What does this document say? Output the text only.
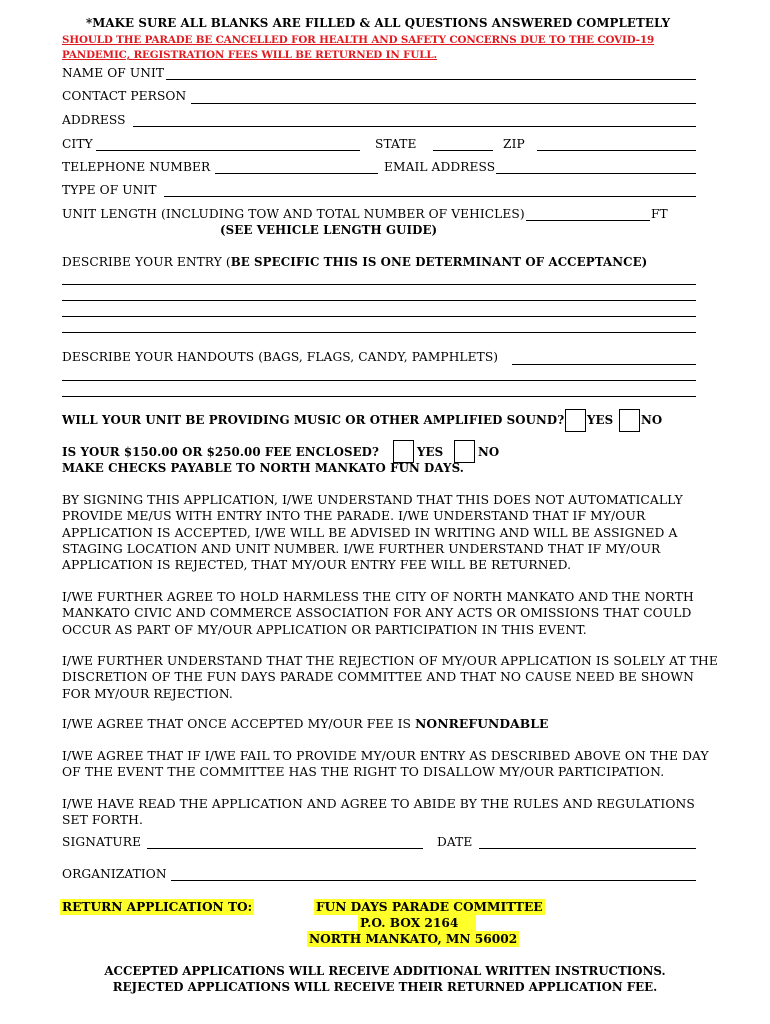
*MAKE SURE ALL BLANKS ARE FILLED & ALL QUESTIONS ANSWERED COMPLETELY
SHOULD THE PARADE BE CANCELLED FOR HEALTH AND SAFETY CONCERNS DUE TO THE COVID-19
PANDEMIC, REGISTRATION FEES WILL BE RETURNED IN FULL.
NAME OF UNIT
CONTACT PERSON
ADDRESS
CITY	STATE	ZIP
TELEPHONE NUMBER	EMAIL ADDRESS
TYPE OF UNIT
UNIT LENGTH (INCLUDING TOW AND TOTAL NUMBER OF VEHICLES)	FT
(SEE VEHICLE LENGTH GUIDE)
DESCRIBE YOUR ENTRY (BE SPECIFIC THIS IS ONE DETERMINANT OF ACCEPTANCE)
DESCRIBE YOUR HANDOUTS (BAGS, FLAGS, CANDY, PAMPHLETS)
WILL YOUR UNIT BE PROVIDING MUSIC OR OTHER AMPLIFIED SOUND? YES NO
IS YOUR $150.00 OR $250.00 FEE ENCLOSED?	YES	NO
MAKE CHECKS PAYABLE TO NORTH MANKATO FUN DAYS.
BY SIGNING THIS APPLICATION, I/WE UNDERSTAND THAT THIS DOES NOT AUTOMATICALLY PROVIDE ME/US WITH ENTRY INTO THE PARADE. I/WE UNDERSTAND THAT IF MY/OUR APPLICATION IS ACCEPTED, I/WE WILL BE ADVISED IN WRITING AND WILL BE ASSIGNED A STAGING LOCATION AND UNIT NUMBER. I/WE FURTHER UNDERSTAND THAT IF MY/OUR APPLICATION IS REJECTED, THAT MY/OUR ENTRY FEE WILL BE RETURNED.
I/WE FURTHER AGREE TO HOLD HARMLESS THE CITY OF NORTH MANKATO AND THE NORTH MANKATO CIVIC AND COMMERCE ASSOCIATION FOR ANY ACTS OR OMISSIONS THAT COULD OCCUR AS PART OF MY/OUR APPLICATION OR PARTICIPATION IN THIS EVENT.
I/WE FURTHER UNDERSTAND THAT THE REJECTION OF MY/OUR APPLICATION IS SOLELY AT THE DISCRETION OF THE FUN DAYS PARADE COMMITTEE AND THAT NO CAUSE NEED BE SHOWN FOR MY/OUR REJECTION.
I/WE AGREE THAT ONCE ACCEPTED MY/OUR FEE IS NONREFUNDABLE
I/WE AGREE THAT IF I/WE FAIL TO PROVIDE MY/OUR ENTRY AS DESCRIBED ABOVE ON THE DAY OF THE EVENT THE COMMITTEE HAS THE RIGHT TO DISALLOW MY/OUR PARTICIPATION.
I/WE HAVE READ THE APPLICATION AND AGREE TO ABIDE BY THE RULES AND REGULATIONS SET FORTH.
SIGNATURE	DATE
ORGANIZATION
RETURN APPLICATION TO:	FUN DAYS PARADE COMMITTEE
P.O. BOX 2164
NORTH MANKATO, MN 56002
ACCEPTED APPLICATIONS WILL RECEIVE ADDITIONAL WRITTEN INSTRUCTIONS.
REJECTED APPLICATIONS WILL RECEIVE THEIR RETURNED APPLICATION FEE.
